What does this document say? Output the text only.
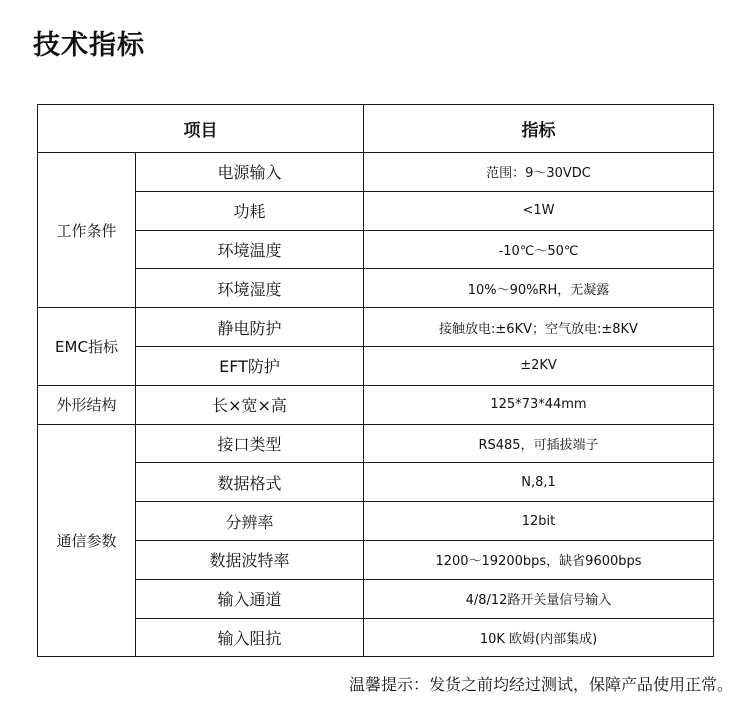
技术指标
项目		指标
工作条件	电源输入	范围：9～30VDC
	功耗	<1W
	环境温度	-10℃～50℃
	环境湿度	10%～90%RH，无凝露
EMC指标	静电防护	接触放电:±6KV；空气放电:±8KV
	EFT防护	±2KV
外形结构	长×宽×高	125*73*44mm
通信参数	接口类型	RS485，可插拔端子
	数据格式	N,8,1
	分辨率	12bit
	数据波特率	1200～19200bps，缺省9600bps
	输入通道	4/8/12路开关量信号输入
	输入阻抗	10K 欧姆(内部集成)

温馨提示：发货之前均经过测试，保障产品使用正常。
